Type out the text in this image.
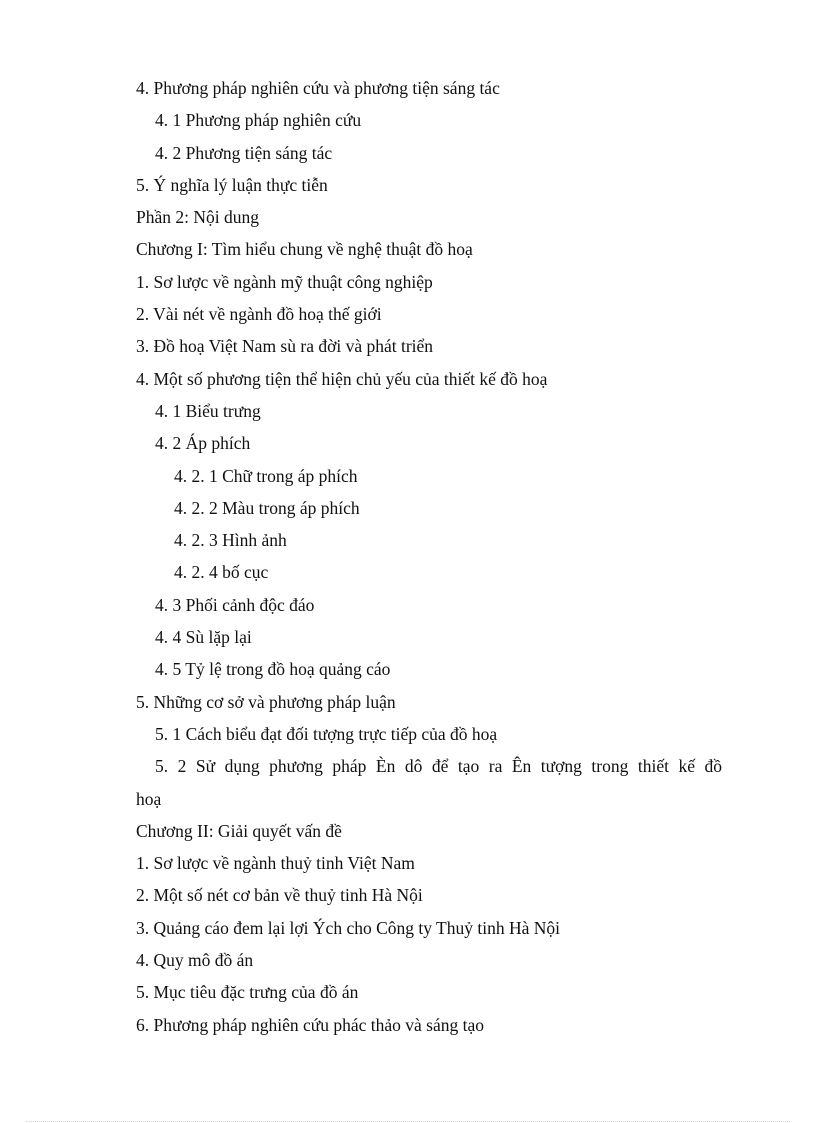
4. Phương pháp nghiên cứu và phương tiện sáng tác
4. 1 Phương pháp nghiên cứu
4. 2 Phương tiện sáng tác
5. Ý nghĩa lý luận thực tiễn
Phần 2: Nội dung
Chương I: Tìm hiểu chung về nghệ thuật đồ hoạ
1. Sơ lược về ngành mỹ thuật công nghiệp
2. Vài nét về ngành đồ hoạ thế giới
3. Đồ hoạ Việt Nam sù ra đời và phát triển
4. Một số phương tiện thể hiện chủ yếu của thiết kế đồ hoạ
4. 1 Biểu trưng
4. 2 Áp phích
4. 2. 1 Chữ trong áp phích
4. 2. 2 Màu trong áp phích
4. 2. 3 Hình ảnh
4. 2. 4 bố cục
4. 3 Phối cảnh độc đáo
4. 4 Sù lặp lại
4. 5 Tỷ lệ trong đồ hoạ quảng cáo
5. Những cơ sở và phương pháp luận
5. 1 Cách biểu đạt đối tượng trực tiếp của đồ hoạ
5. 2 Sử dụng phương pháp Èn dô để tạo ra Ên tượng trong thiết kế đồ
hoạ
Chương II: Giải quyết vấn đề
1. Sơ lược về ngành thuỷ tinh Việt Nam
2. Một số nét cơ bản về thuỷ tinh Hà Nội
3. Quảng cáo đem lại lợi Ých cho Công ty Thuỷ tinh Hà Nội
4. Quy mô đồ án
5. Mục tiêu đặc trưng của đồ án
6. Phương pháp nghiên cứu phác thảo và sáng tạo
